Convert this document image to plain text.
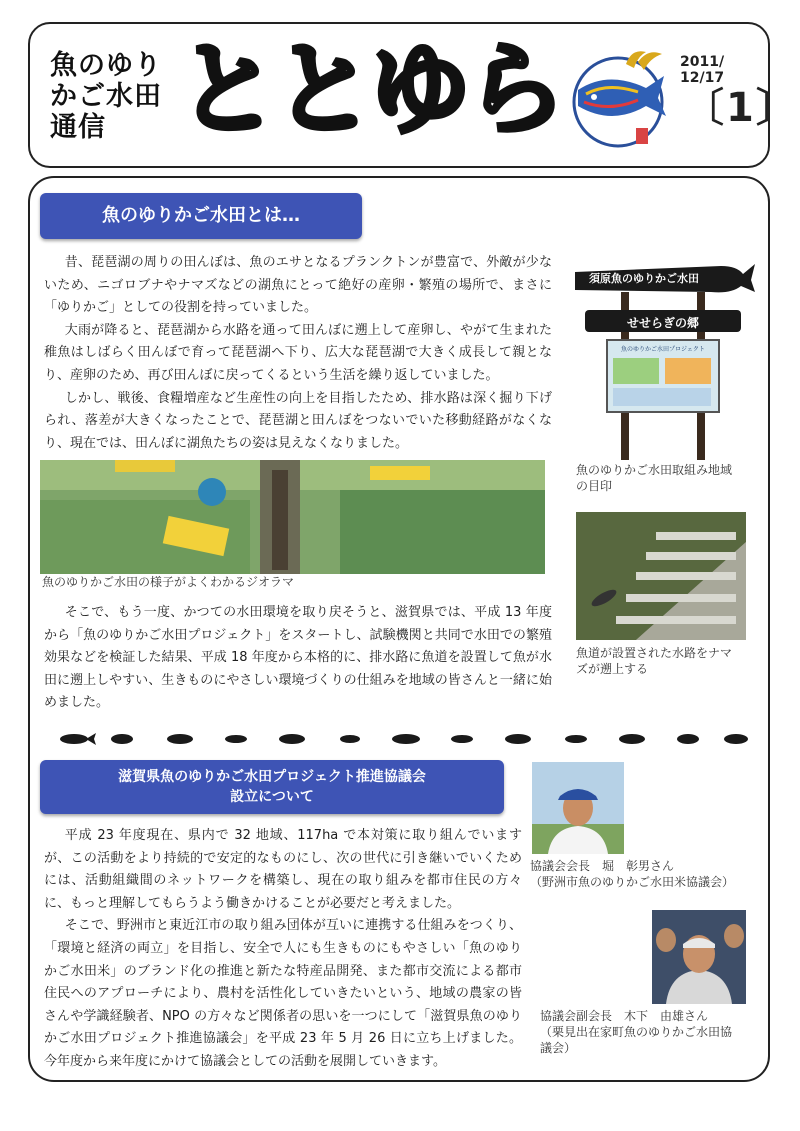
魚のゆり
かご水田
通信 ととゆら	2011/ 12/17
〔1〕
魚のゆりかご水田とは…

昔、琵琶湖の周りの田んぼは、魚のエサとなるプランクトンが豊富で、外敵が少ないため、ニゴロブナやナマズなどの湖魚にとって絶好の産卵・繁殖の場所で、まさに「ゆりかご」としての役割を持っていました。

大雨が降ると、琵琶湖から水路を通って田んぼに遡上して産卵し、やがて生まれた稚魚はしばらく田んぼで育って琵琶湖へ下り、広大な琵琶湖で大きく成長して親となり、産卵のため、再び田んぼに戻ってくるという生活を繰り返していました。

しかし、戦後、食糧増産など生産性の向上を目指したため、排水路は深く掘り下げられ、落差が大きくなったことで、琵琶湖と田んぼをつないでいた移動経路がなくなり、現在では、田んぼに湖魚たちの姿は見えなくなりました。

魚のゆりかご水田の様子がよくわかるジオラマ

そこで、もう一度、かつての水田環境を取り戻そうと、滋賀県では、平成 13 年度から「魚のゆりかご水田プロジェクト」をスタートし、試験機関と共同で水田での繁殖効果などを検証した結果、平成 18 年度から本格的に、排水路に魚道を設置して魚が水田に遡上しやすい、生きものにやさしい環境づくりの仕組みを地域の皆さんと一緒に始めました。

須原魚のゆりかご水田
せせらぎの郷
魚のゆりかご水田プロジェクト
魚のゆりかご水田取組み地域
の目印
魚道が設置された水路をナマ
ズが遡上する
滋賀県魚のゆりかご水田プロジェクト推進協議会
設立について

平成 23 年度現在、県内で 32 地域、117ha で本対策に取り組んでいますが、この活動をより持続的で安定的なものにし、次の世代に引き継いでいくためには、活動組織間のネットワークを構築し、現在の取り組みを都市住民の方々に、もっと理解してもらうよう働きかけることが必要だと考えました。

そこで、野洲市と東近江市の取り組み団体が互いに連携する仕組みをつくり、「環境と経済の両立」を目指し、安全で人にも生きものにもやさしい「魚のゆりかご水田米」のブランド化の推進と新たな特産品開発、また都市交流による都市住民へのアプローチにより、農村を活性化していきたいという、地域の農家の皆さんや学識経験者、NPO の方々など関係者の思いを一つにして「滋賀県魚のゆりかご水田プロジェクト推進協議会」を平成 23 年 5 月 26 日に立ち上げました。今年度から来年度にかけて協議会としての活動を展開していきます。

協議会会長　堀　彰男さん
（野洲市魚のゆりかご水田米協議会）
協議会副会長　木下　由雄さん
（栗見出在家町魚のゆりかご水田協
議会）
